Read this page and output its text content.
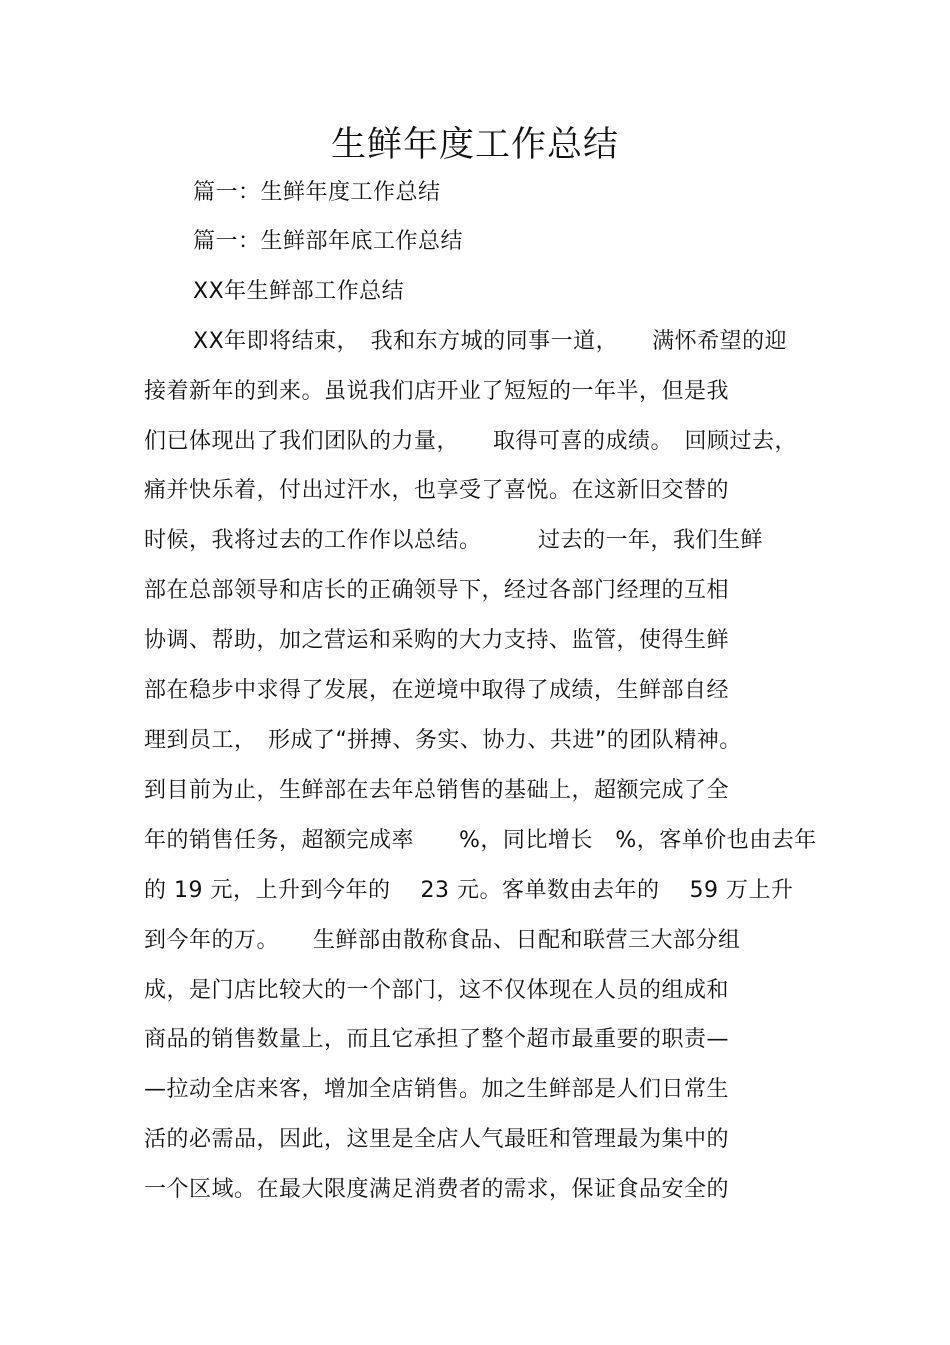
生鲜年度工作总结
篇一：生鲜年度工作总结
篇一：生鲜部年底工作总结
XX年生鲜部工作总结
XX年即将结束，　我和东方城的同事一道，　　满怀希望的迎
接着新年的到来。虽说我们店开业了短短的一年半，但是我
们已体现出了我们团队的力量，　　取得可喜的成绩。　回顾过去，
痛并快乐着，付出过汗水，也享受了喜悦。在这新旧交替的
时候，我将过去的工作作以总结。　　　过去的一年，我们生鲜
部在总部领导和店长的正确领导下，经过各部门经理的互相
协调、帮助，加之营运和采购的大力支持、监管，使得生鲜
部在稳步中求得了发展，在逆境中取得了成绩，生鲜部自经
理到员工，　形成了“拼搏、务实、协力、共进”的团队精神。
到目前为止，生鲜部在去年总销售的基础上，超额完成了全
年的销售任务，超额完成率　　%，同比增长　%，客单价也由去年
的 19 元，上升到今年的　 23 元。客单数由去年的　 59 万上升
到今年的万。　　生鲜部由散称食品、日配和联营三大部分组
成，是门店比较大的一个部门，这不仅体现在人员的组成和
商品的销售数量上，而且它承担了整个超市最重要的职责—
—拉动全店来客，增加全店销售。加之生鲜部是人们日常生
活的必需品，因此，这里是全店人气最旺和管理最为集中的
一个区域。在最大限度满足消费者的需求，保证食品安全的
